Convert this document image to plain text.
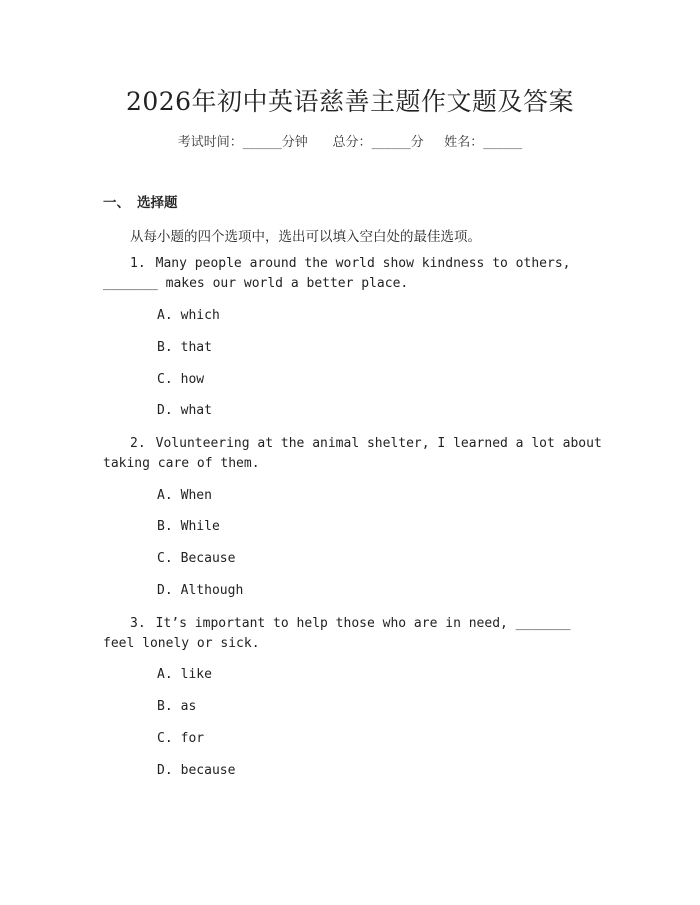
2026年初中英语慈善主题作文题及答案
考试时间：______分钟 总分：______分 姓名：______
一、 选择题
从每小题的四个选项中，选出可以填入空白处的最佳选项。
1. Many people around the world show kindness to others, _______ makes our world a better place.
A. which
B. that
C. how
D. what
2. Volunteering at the animal shelter, I learned a lot about taking care of them.
A. When
B. While
C. Because
D. Although
3. It’s important to help those who are in need, _______ feel lonely or sick.
A. like
B. as
C. for
D. because
